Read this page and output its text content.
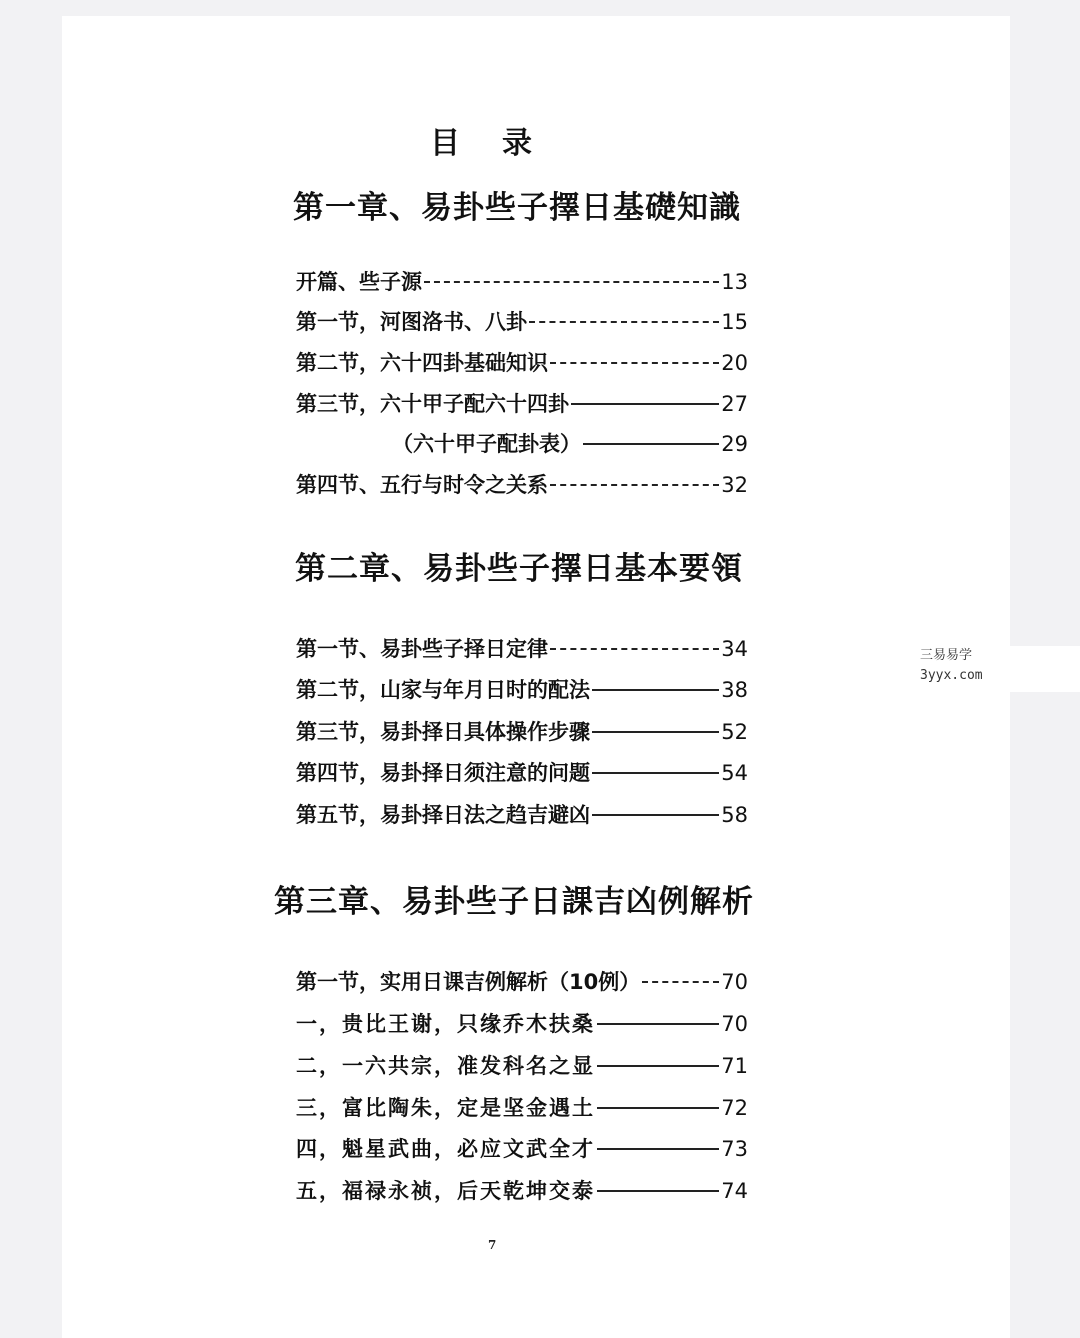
目录
第一章、易卦些子擇日基礎知識
开篇、些子源	13
第一节，河图洛书、八卦	15
第二节，六十四卦基础知识	20
第三节，六十甲子配六十四卦	27
（六十甲子配卦表）	29
第四节、五行与时令之关系	32
第二章、易卦些子擇日基本要領
第一节、易卦些子择日定律	34
第二节，山家与年月日时的配法	38
第三节，易卦择日具体操作步骤	52
第四节，易卦择日须注意的问题	54
第五节，易卦择日法之趋吉避凶	58
第三章、易卦些子日課吉凶例解析
第一节，实用日课吉例解析（10例）	70
一，贵比王谢，只缘乔木扶桑	70
二，一六共宗，准发科名之显	71
三，富比陶朱，定是坚金遇土	72
四，魁星武曲，必应文武全才	73
五，福禄永祯，后天乾坤交泰	74
7
三易易学
3yyx.com
